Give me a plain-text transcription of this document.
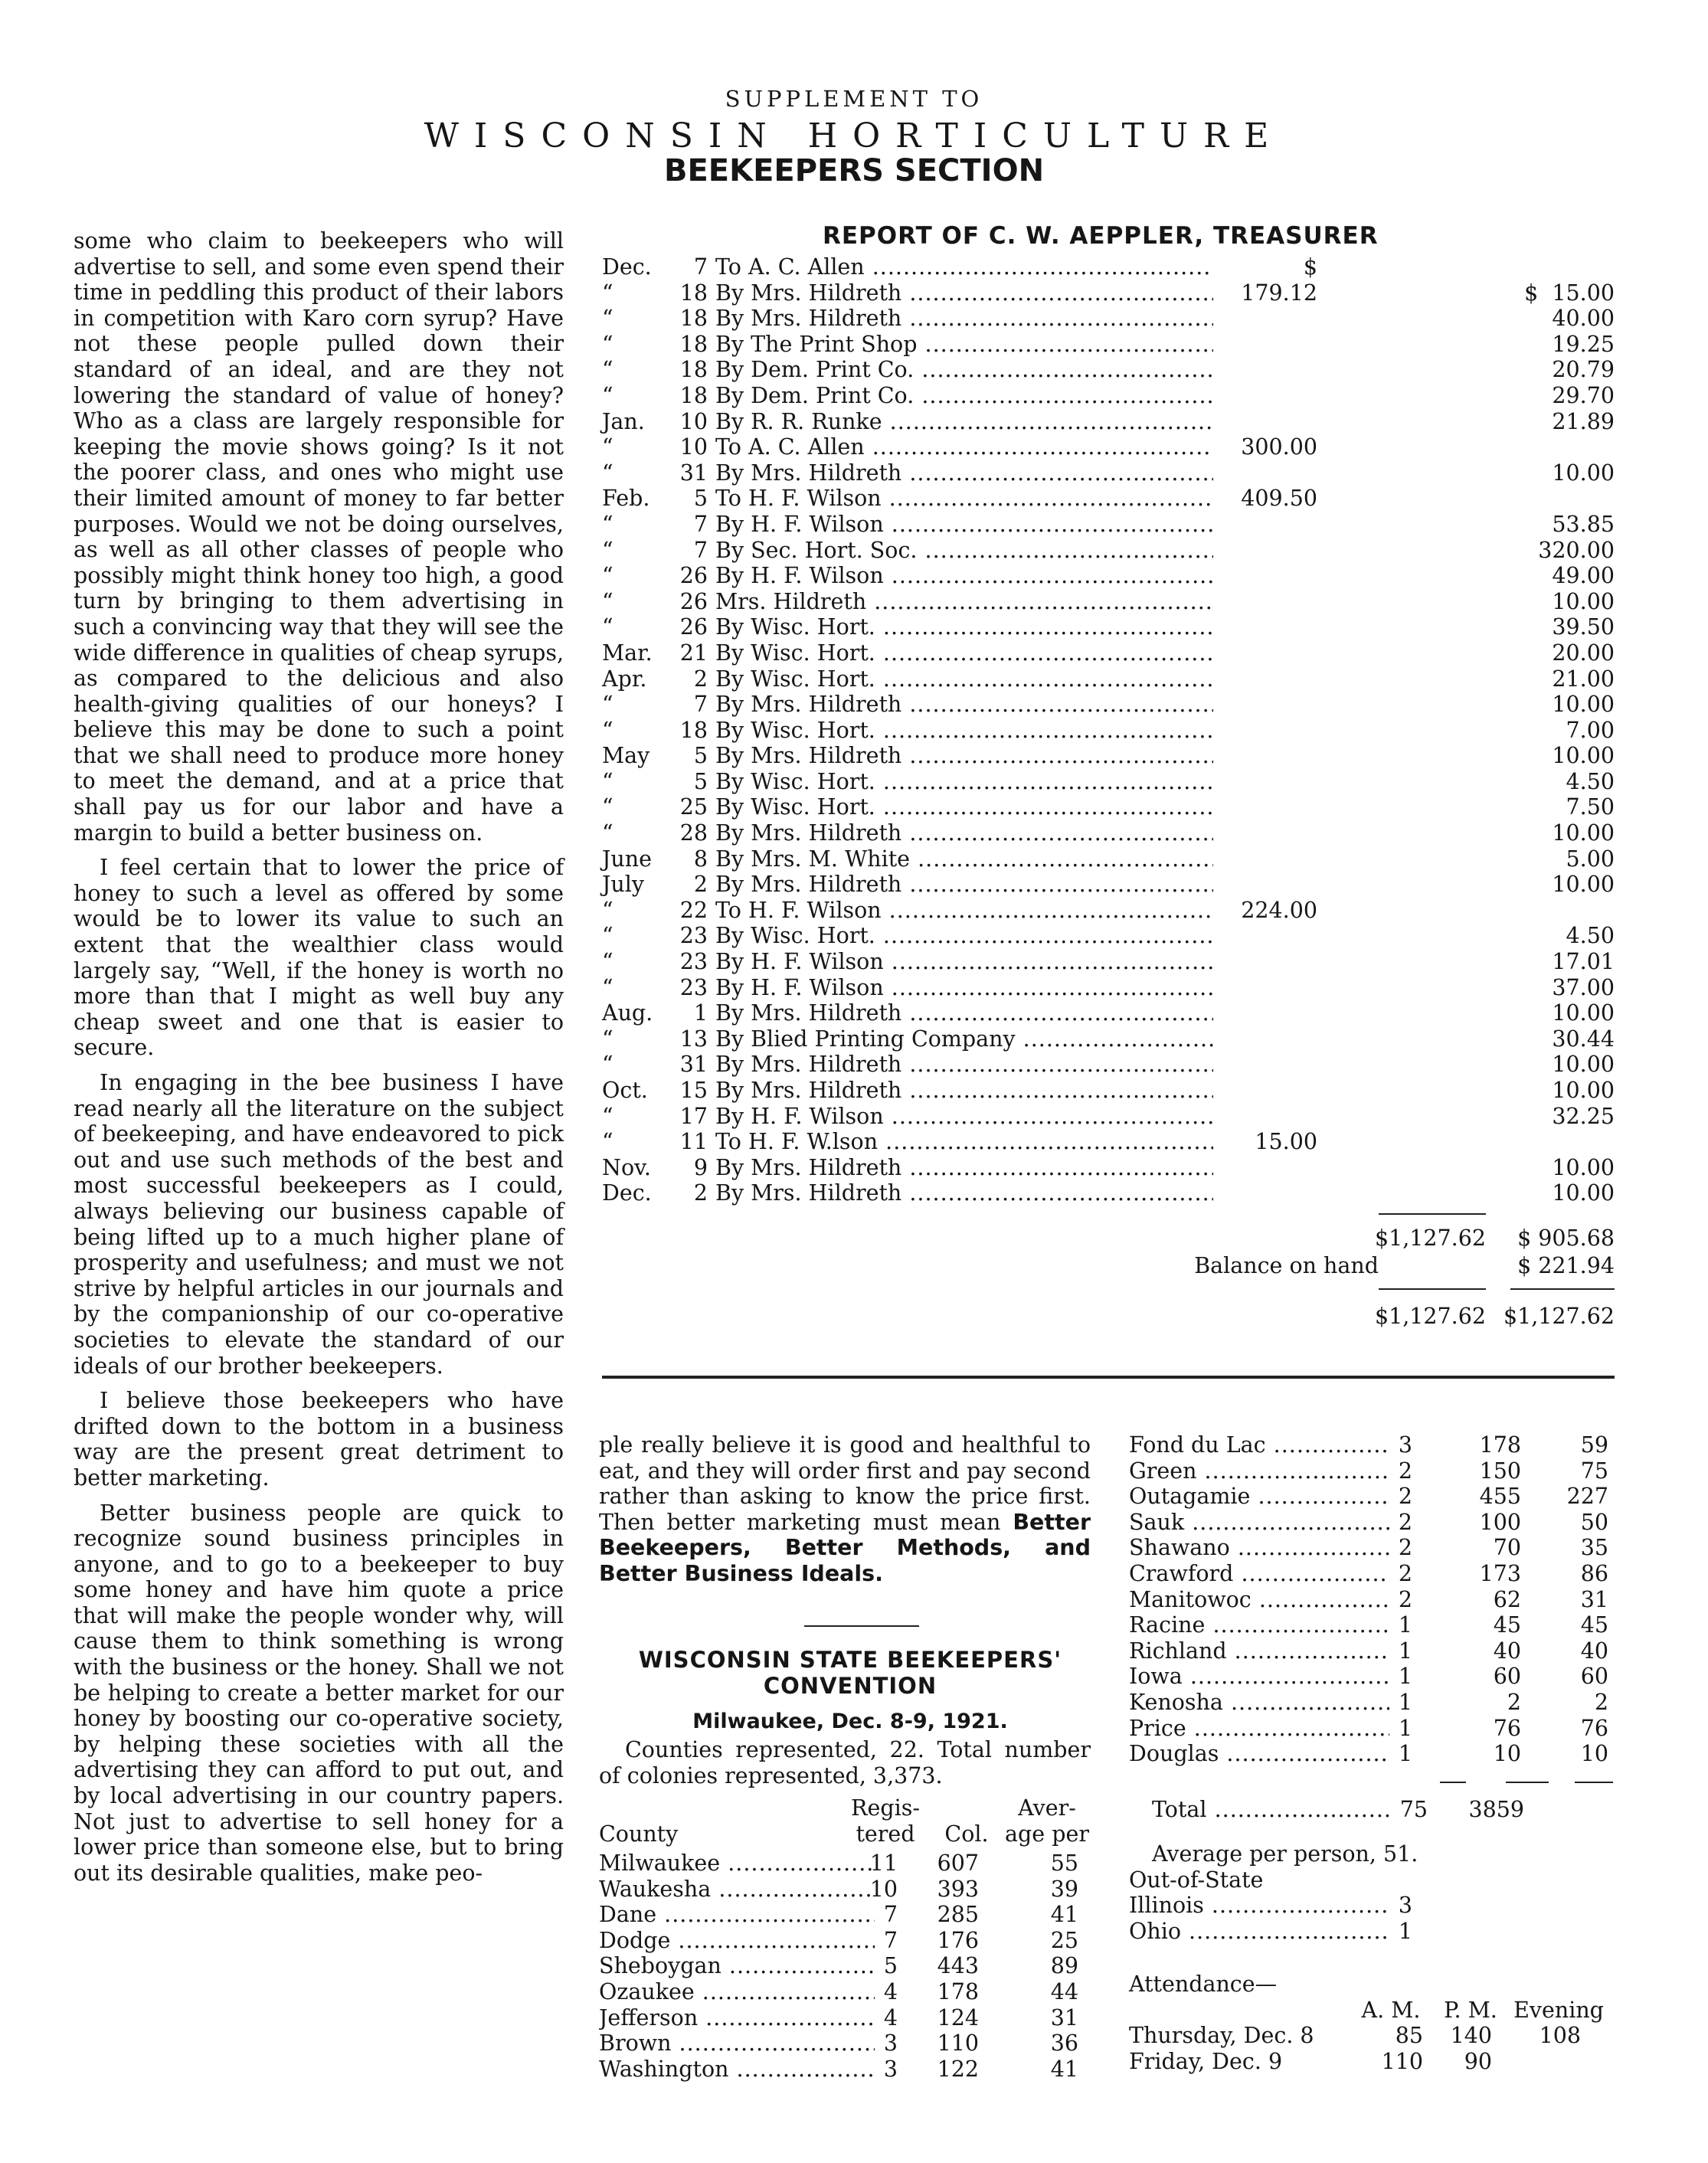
SUPPLEMENT TO
WISCONSIN HORTICULTURE
BEEKEEPERS SECTION

some who claim to beekeepers who will advertise to sell, and some even spend their time in peddling this product of their labors in competition with Karo corn syrup? Have not these people pulled down their standard of an ideal, and are they not lowering the standard of value of honey? Who as a class are largely responsible for keeping the movie shows going? Is it not the poorer class, and ones who might use their limited amount of money to far better purposes. Would we not be doing ourselves, as well as all other classes of people who possibly might think honey too high, a good turn by bringing to them advertising in such a convincing way that they will see the wide difference in qualities of cheap syrups, as compared to the delicious and also health-giving qualities of our honeys? I believe this may be done to such a point that we shall need to produce more honey to meet the demand, and at a price that shall pay us for our labor and have a margin to build a better business on.

I feel certain that to lower the price of honey to such a level as offered by some would be to lower its value to such an extent that the wealthier class would largely say, “Well, if the honey is worth no more than that I might as well buy any cheap sweet and one that is easier to secure.

In engaging in the bee business I have read nearly all the literature on the subject of beekeeping, and have endeavored to pick out and use such methods of the best and most successful beekeepers as I could, always believing our business capable of being lifted up to a much higher plane of prosperity and usefulness; and must we not strive by helpful articles in our journals and by the companionship of our co-operative societies to elevate the standard of our ideals of our brother beekeepers.

I believe those beekeepers who have drifted down to the bottom in a business way are the present great detriment to better marketing.

Better business people are quick to recognize sound business principles in anyone, and to go to a beekeeper to buy some honey and have him quote a price that will make the people wonder why, will cause them to think something is wrong with the business or the honey. Shall we not be helping to create a better market for our honey by boosting our co-operative society, by helping these societies with all the advertising they can afford to put out, and by local advertising in our country papers. Not just to advertise to sell honey for a lower price than someone else, but to bring out its desirable qualities, make peo-

REPORT OF C. W. AEPPLER, TREASURER
Dec.	7 To A. C. Allen .....	$ 179.12
“	18 By Mrs. Hildreth .....	$  15.00
“	18 By Mrs. Hildreth .....	40.00
“	18 By The Print Shop .....	19.25
“	18 By Dem. Print Co. .....	20.79
“	18 By Dem. Print Co. .....	29.70
Jan.	10 By R. R. Runke .....	21.89
“	10 To A. C. Allen .....	300.00
“	31 By Mrs. Hildreth .....	10.00
Feb.	5 To H. F. Wilson .....	409.50
“	7 By H. F. Wilson .....	53.85
“	7 By Sec. Hort. Soc. .....	320.00
“	26 By H. F. Wilson .....	49.00
“	26 Mrs. Hildreth .....	10.00
“	26 By Wisc. Hort. .....	39.50
Mar.	21 By Wisc. Hort. .....	20.00
Apr.	2 By Wisc. Hort. .....	21.00
“	7 By Mrs. Hildreth .....	10.00
“	18 By Wisc. Hort. .....	7.00
May	5 By Mrs. Hildreth .....	10.00
“	5 By Wisc. Hort. .....	4.50
“	25 By Wisc. Hort. .....	7.50
“	28 By Mrs. Hildreth .....	10.00
June	8 By Mrs. M. White .....	5.00
July	2 By Mrs. Hildreth .....	10.00
“	22 To H. F. Wilson .....	224.00
“	23 By Wisc. Hort. .....	4.50
“	23 By H. F. Wilson .....	17.01
“	23 By H. F. Wilson .....	37.00
Aug.	1 By Mrs. Hildreth .....	10.00
“	13 By Blied Printing Company .....	30.44
“	31 By Mrs. Hildreth .....	10.00
Oct.	15 By Mrs. Hildreth .....	10.00
“	17 By H. F. Wilson .....	32.25
“	11 To H. F. W.lson .....	15.00
Nov.	9 By Mrs. Hildreth .....	10.00
Dec.	2 By Mrs. Hildreth .....	10.00
$1,127.62	$ 905.68
Balance on hand	$ 221.94
$1,127.62 $1,127.62

ple really believe it is good and healthful to eat, and they will order first and pay second rather than asking to know the price first. Then better marketing must mean Better Beekeepers, Better Methods, and Better Business Ideals.

WISCONSIN STATE BEEKEEPERS' CONVENTION
Milwaukee, Dec. 8-9, 1921.

Counties represented, 22. Total number of colonies represented, 3,373.

County
Regis-
tered	Col.
Aver-
age per
Milwaukee .....	11	607	55
Waukesha .....	10	393	39
Dane .....	7	285	41
Dodge .....	7	176	25
Sheboygan .....	5	443	89
Ozaukee .....	4	178	44
Jefferson .....	4	124	31
Brown .....	3	110	36
Washington .....	3	122	41
Fond du Lac .....	3	178	59
Green .....	2	150	75
Outagamie .....	2	455	227
Sauk .....	2	100	50
Shawano .....	2	70	35
Crawford .....	2	173	86
Manitowoc .....	2	62	31
Racine .....	1	45	45
Richland .....	1	40	40
Iowa .....	1	60	60
Kenosha .....	1	2	2
Price .....	1	76	76
Douglas .....	1	10	10
Total .....	75	3859
Average per person, 51.
Out-of-State
Illinois .....	3
Ohio .....	1
Attendance—
A. M. P. M. Evening
Thursday, Dec. 8	85	140	108
Friday, Dec. 9	110	90
